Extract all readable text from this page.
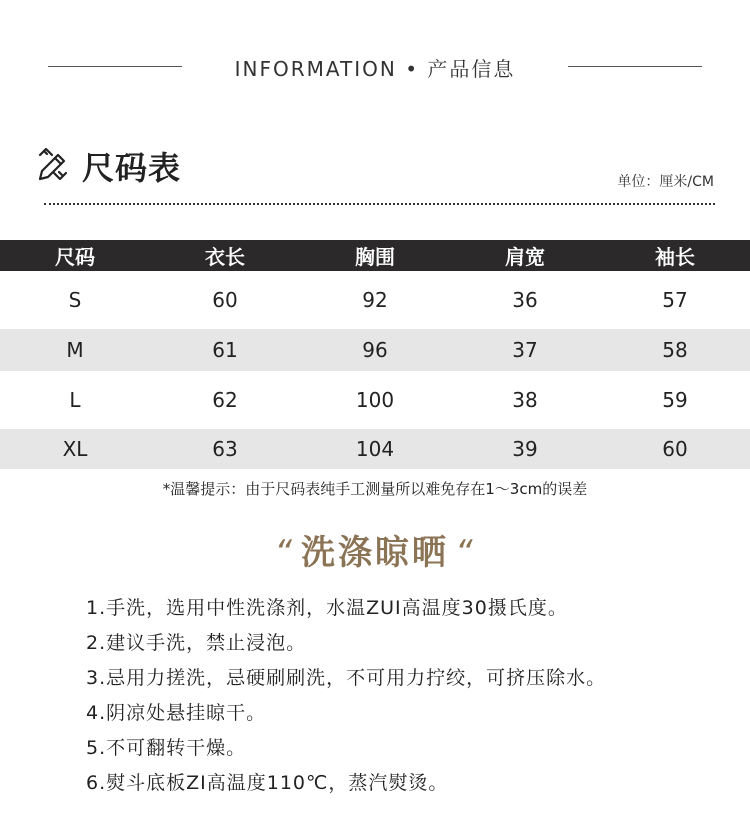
INFORMATION • 产品信息
尺码表	单位：厘米/CM
尺码	衣长	胸围	肩宽	袖长
S	60	92	36	57
M	61	96	37	58
L	62	100	38	59
XL	63	104	39	60
*温馨提示：由于尺码表纯手工测量所以难免存在1〜3cm的误差
“ 洗涤晾晒 “
1.手洗，选用中性洗涤剂，水温ZUI高温度30摄氏度。
2.建议手洗，禁止浸泡。
3.忌用力搓洗，忌硬刷刷洗，不可用力拧绞，可挤压除水。
4.阴凉处悬挂晾干。
5.不可翻转干燥。
6.熨斗底板ZI高温度110℃，蒸汽熨烫。
